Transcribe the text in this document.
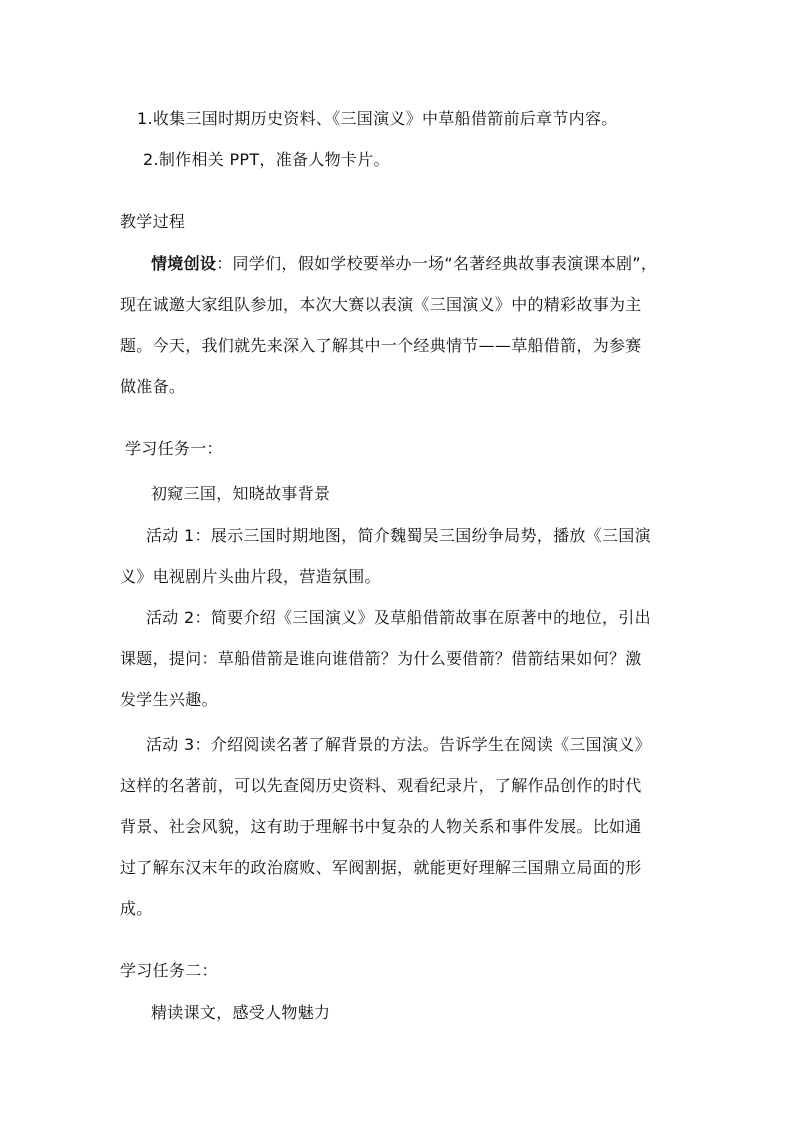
1.收集三国时期历史资料、《三国演义》中草船借箭前后章节内容。
2.制作相关 PPT，准备人物卡片。
教学过程
情境创设：同学们，假如学校要举办一场“名著经典故事表演课本剧”，
现在诚邀大家组队参加，本次大赛以表演《三国演义》中的精彩故事为主
题。今天，我们就先来深入了解其中一个经典情节——草船借箭，为参赛
做准备。
学习任务一：
初窥三国，知晓故事背景
活动 1：展示三国时期地图，简介魏蜀吴三国纷争局势，播放《三国演
义》电视剧片头曲片段，营造氛围。
活动 2：简要介绍《三国演义》及草船借箭故事在原著中的地位，引出
课题，提问：草船借箭是谁向谁借箭？为什么要借箭？借箭结果如何？激
发学生兴趣。
活动 3：介绍阅读名著了解背景的方法。告诉学生在阅读《三国演义》
这样的名著前，可以先查阅历史资料、观看纪录片，了解作品创作的时代
背景、社会风貌，这有助于理解书中复杂的人物关系和事件发展。比如通
过了解东汉末年的政治腐败、军阀割据，就能更好理解三国鼎立局面的形
成。
学习任务二：
精读课文，感受人物魅力
